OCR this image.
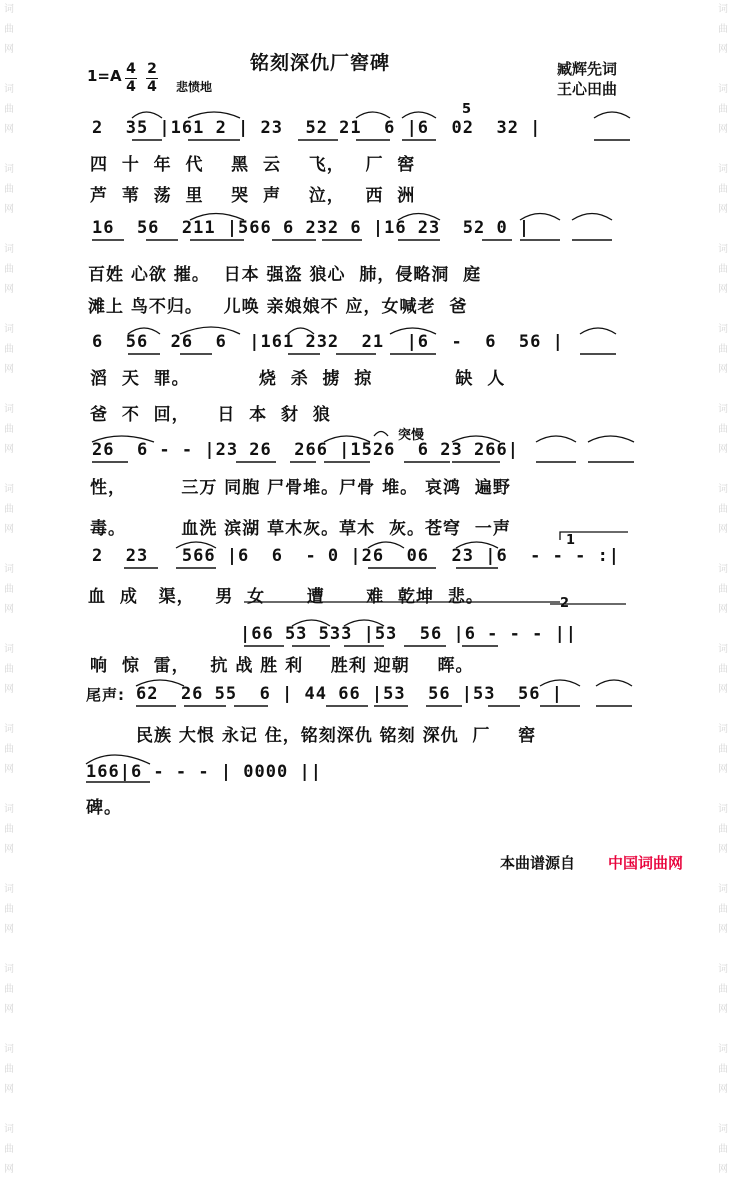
词
曲
网

词
曲
网

词
曲
网

词
曲
网

词
曲
网

词
曲
网

词
曲
网

词
曲
网

词
曲
网

词
曲
网

词
曲
网

词
曲
网

词
曲
网

词
曲
网

词
曲
网

词
曲
网

词
曲
网

词
曲
网

词
曲
网

词
曲
网

词
曲
网

词
曲
网

词
曲
网

词
曲
网

词
曲
网

词
曲
网

词
曲
网

词
曲
网

词
曲
网

词
曲
网

铭刻深仇厂窖碑	臧辉先词
王心田曲
1=A 4
4
2
4 悲愤地
2  35 |161 2 | 23  52 21  6 |6  02  32 |
5
四  十  年  代    黑  云    飞，   厂  窖
芦  苇  荡  里    哭  声    泣，   西  洲
16  56  211 |566 6 232 6 |16 23  52 0 |
百姓 心欲 摧。  日本 强盗 狼心  肺，侵略洞  庭
滩上 鸟不归。   儿唤 亲娘娘不 应，女喊老  爸
6  56  26  6  |161 232  21  |6  -  6  56 |
滔  天  罪。          烧  杀  掳  掠            缺  人
爸  不  回，    日  本  豺  狼
突慢
26  6 - - |23 26  266 |1526  6 23 266|
性，        三万 同胞 尸骨堆。尸骨 堆。 哀鸿  遍野
毒。        血洗 滨湖 草木灰。草木  灰。苍穹  一声
2  23   566 |6  6  - 0 |26  06  23 |6  - - - :|
1
血  成   渠，   男  女      遭      难  乾坤  悲。
|66 53 533 |53  56 |6 - - - ||
2
响  惊  雷，   抗 战 胜 利    胜利 迎朝    晖。
尾声: 62  26 55  6 | 44 66 |53  56 |53  56 |
民族 大恨 永记 住，铭刻深仇 铭刻 深仇  厂    窖
166|6 - - - | 0000 ||
碑。
本曲谱源自 中国词曲网
